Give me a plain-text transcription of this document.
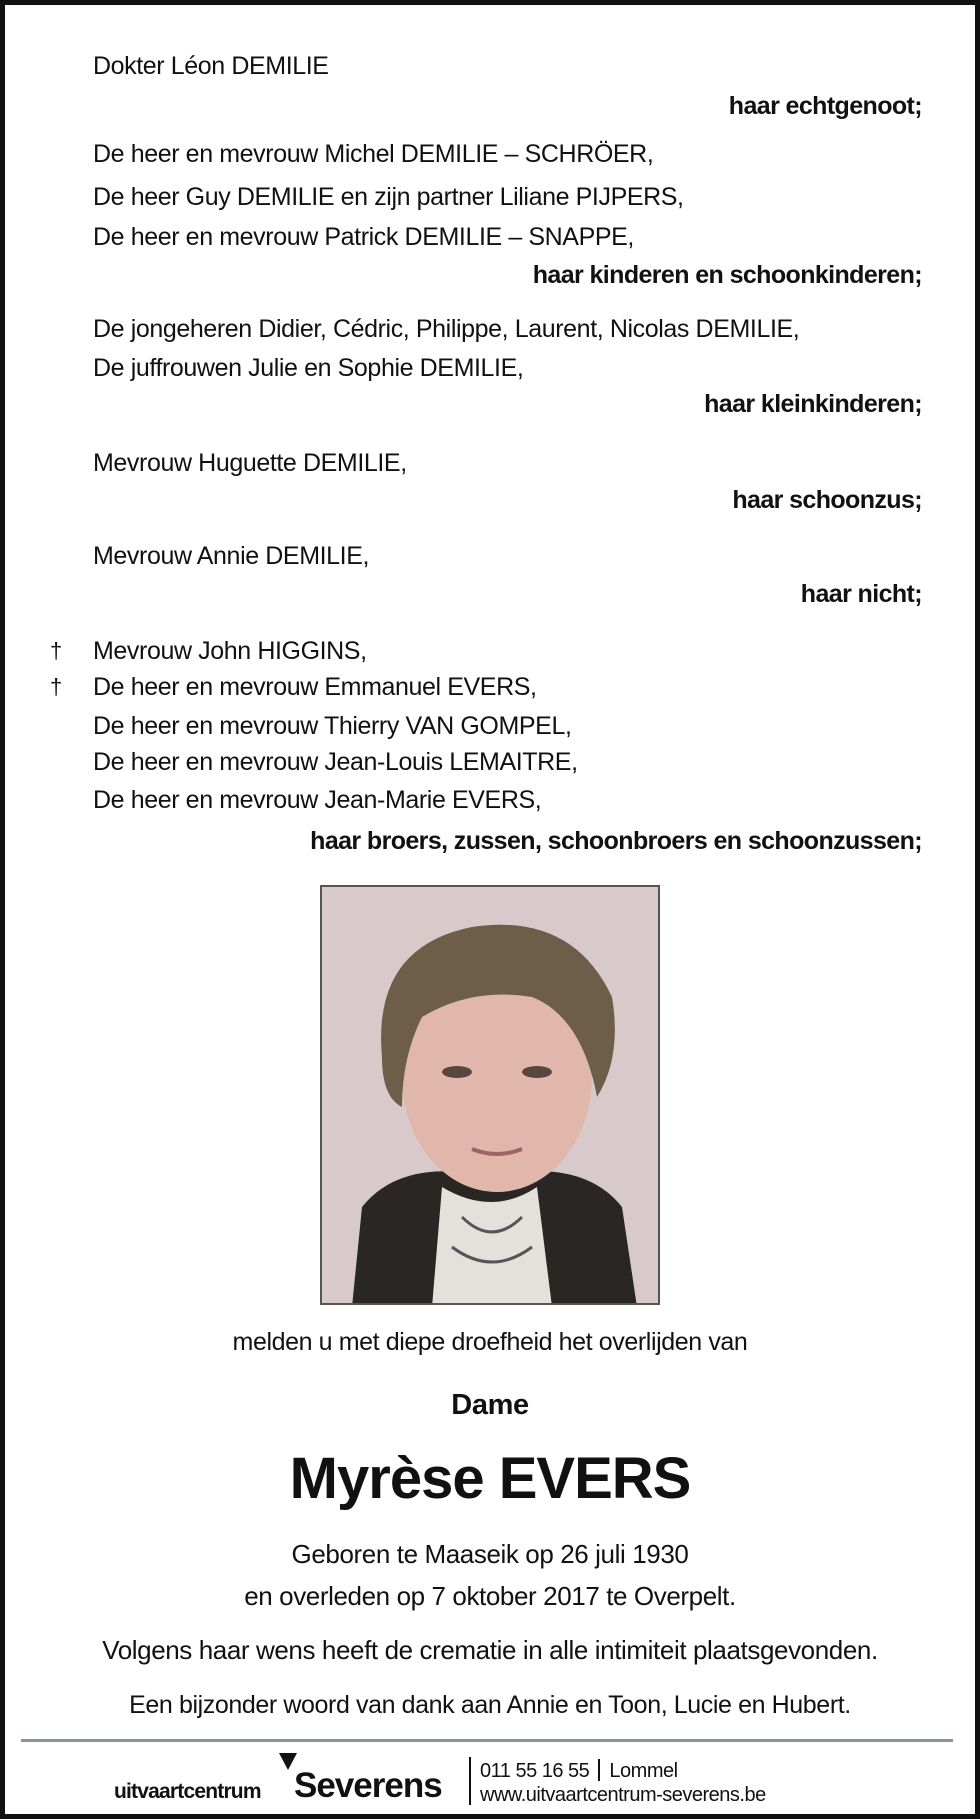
Dokter Léon DEMILIE
haar echtgenoot;
De heer en mevrouw Michel DEMILIE – SCHRÖER,
De heer Guy DEMILIE en zijn partner Liliane PIJPERS,
De heer en mevrouw Patrick DEMILIE – SNAPPE,
haar kinderen en schoonkinderen;
De jongeheren Didier, Cédric, Philippe, Laurent, Nicolas DEMILIE,
De juffrouwen Julie en Sophie DEMILIE,
haar kleinkinderen;
Mevrouw Huguette DEMILIE,
haar schoonzus;
Mevrouw Annie DEMILIE,
haar nicht;
† Mevrouw John HIGGINS,
† De heer en mevrouw Emmanuel EVERS,
De heer en mevrouw Thierry VAN GOMPEL,
De heer en mevrouw Jean-Louis LEMAITRE,
De heer en mevrouw Jean-Marie EVERS,
haar broers, zussen, schoonbroers en schoonzussen;
melden u met diepe droefheid het overlijden van
Dame
Myrèse EVERS
Geboren te Maaseik op 26 juli 1930
en overleden op 7 oktober 2017 te Overpelt.
Volgens haar wens heeft de crematie in alle intimiteit plaatsgevonden.
Een bijzonder woord van dank aan Annie en Toon, Lucie en Hubert.
uitvaartcentrum Severens 011 55 16 55 Lommel
www.uitvaartcentrum-severens.be
